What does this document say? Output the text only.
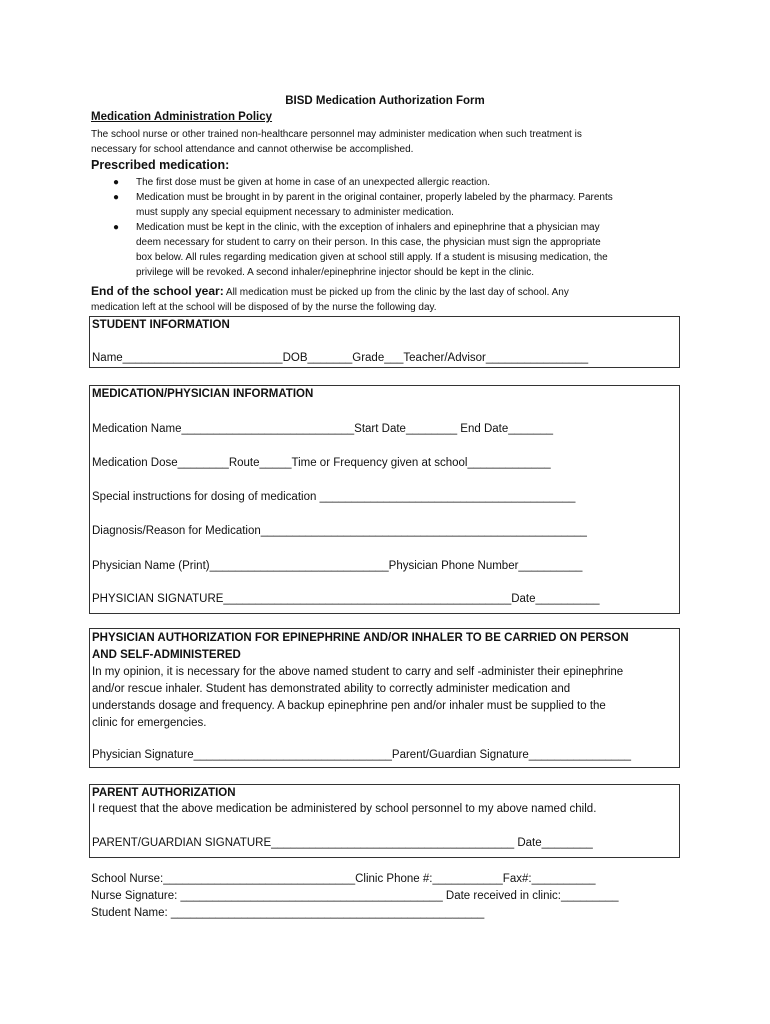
BISD Medication Authorization Form
Medication Administration Policy
The school nurse or other trained non-healthcare personnel may administer medication when such treatment is
necessary for school attendance and cannot otherwise be accomplished.
Prescribed medication:
● The first dose must be given at home in case of an unexpected allergic reaction.
● Medication must be brought in by parent in the original container, properly labeled by the pharmacy. Parents
must supply any special equipment necessary to administer medication.
● Medication must be kept in the clinic, with the exception of inhalers and epinephrine that a physician may
deem necessary for student to carry on their person. In this case, the physician must sign the appropriate
box below. All rules regarding medication given at school still apply. If a student is misusing medication, the
privilege will be revoked. A second inhaler/epinephrine injector should be kept in the clinic.
End of the school year: All medication must be picked up from the clinic by the last day of school. Any
medication left at the school will be disposed of by the nurse the following day.
STUDENT INFORMATION
Name_________________________DOB_______Grade___Teacher/Advisor________________
MEDICATION/PHYSICIAN INFORMATION
Medication Name___________________________Start Date________ End Date_______
Medication Dose________Route_____Time or Frequency given at school_____________
Special instructions for dosing of medication ________________________________________
Diagnosis/Reason for Medication___________________________________________________
Physician Name (Print)____________________________Physician Phone Number__________
PHYSICIAN SIGNATURE_____________________________________________Date__________
PHYSICIAN AUTHORIZATION FOR EPINEPHRINE AND/OR INHALER TO BE CARRIED ON PERSON
AND SELF-ADMINISTERED
In my opinion, it is necessary for the above named student to carry and self -administer their epinephrine
and/or rescue inhaler. Student has demonstrated ability to correctly administer medication and
understands dosage and frequency. A backup epinephrine pen and/or inhaler must be supplied to the
clinic for emergencies.
Physician Signature_______________________________Parent/Guardian Signature________________
PARENT AUTHORIZATION
I request that the above medication be administered by school personnel to my above named child.
PARENT/GUARDIAN SIGNATURE______________________________________ Date________
School Nurse:______________________________Clinic Phone #:___________Fax#:__________
Nurse Signature: _________________________________________ Date received in clinic:_________
Student Name: _________________________________________________
